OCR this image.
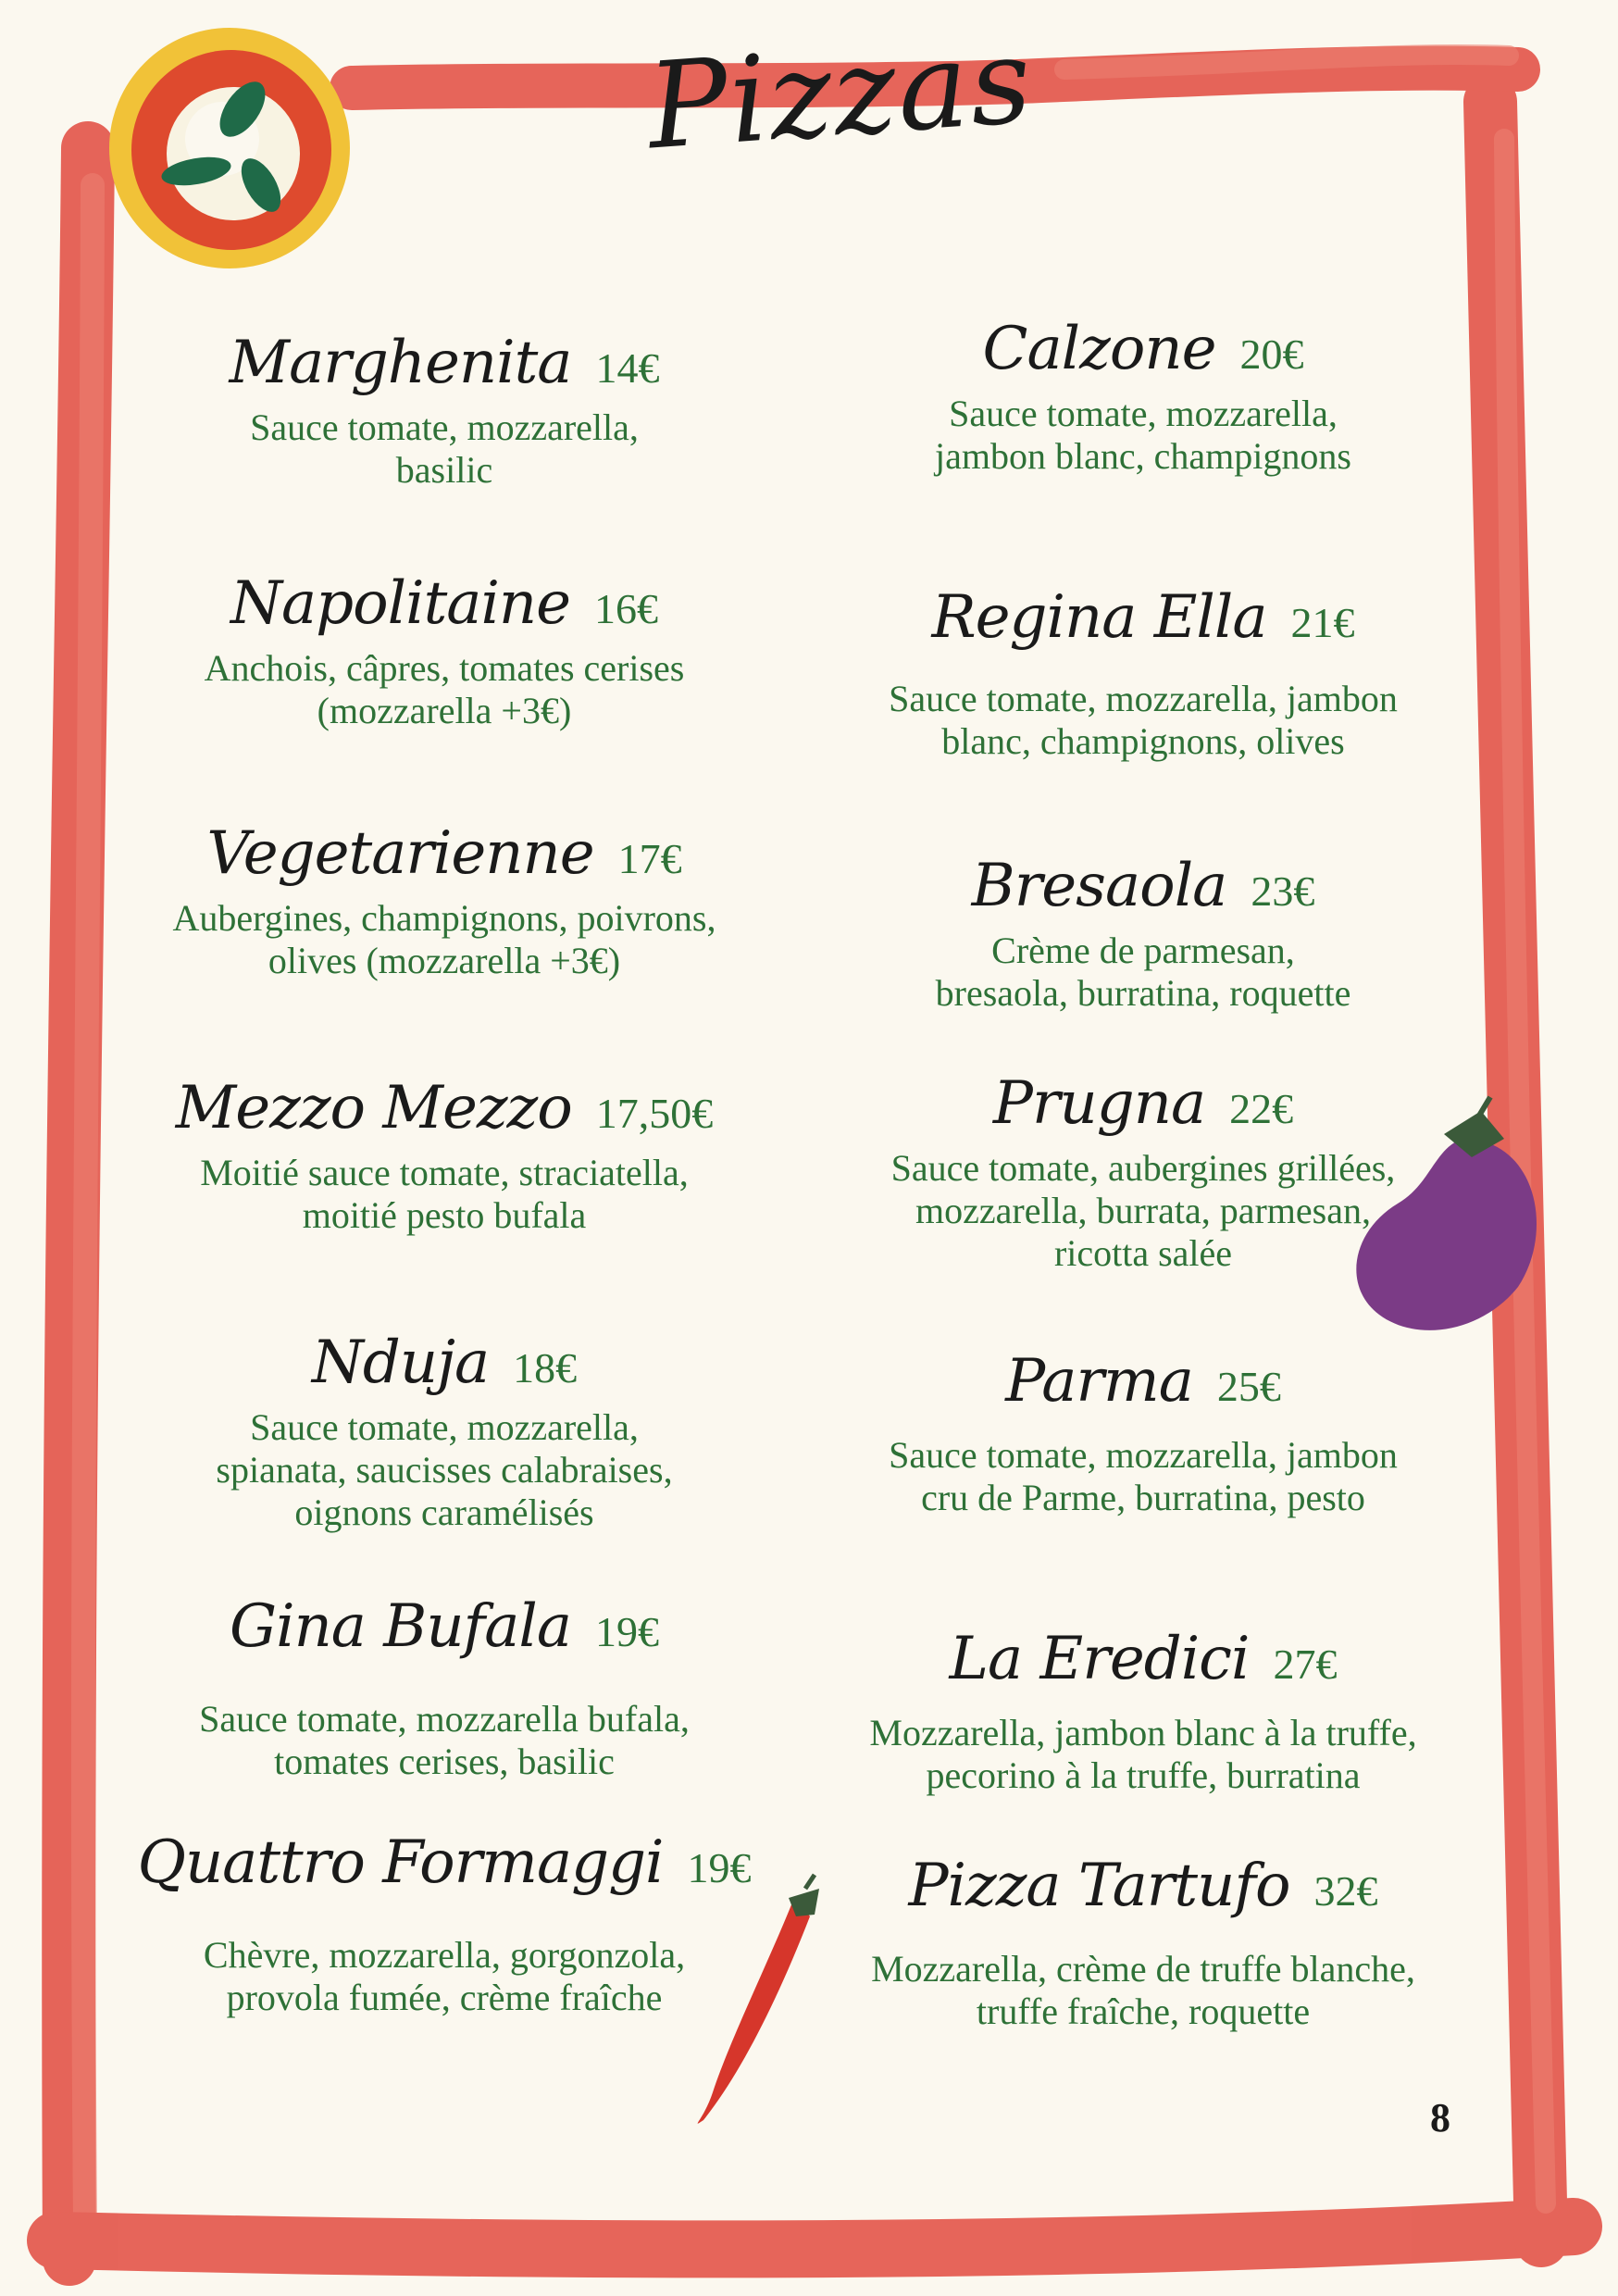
Pizzas
Marghenita 14€
Sauce tomate, mozzarella,
basilic
Napolitaine 16€
Anchois, câpres, tomates cerises
(mozzarella +3€)
Vegetarienne 17€
Aubergines, champignons, poivrons,
olives (mozzarella +3€)
Mezzo Mezzo 17,50€
Moitié sauce tomate, straciatella,
moitié pesto bufala
Nduja 18€
Sauce tomate, mozzarella,
spianata, saucisses calabraises,
oignons caramélisés
Gina Bufala 19€
Sauce tomate, mozzarella bufala,
tomates cerises, basilic
Quattro Formaggi 19€
Chèvre, mozzarella, gorgonzola,
provola fumée, crème fraîche
Calzone 20€
Sauce tomate, mozzarella,
jambon blanc, champignons
Regina Ella 21€
Sauce tomate, mozzarella, jambon
blanc, champignons, olives
Bresaola 23€
Crème de parmesan,
bresaola, burratina, roquette
Prugna 22€
Sauce tomate, aubergines grillées,
mozzarella, burrata, parmesan,
ricotta salée
Parma 25€
Sauce tomate, mozzarella, jambon
cru de Parme, burratina, pesto
La Eredici 27€
Mozzarella, jambon blanc à la truffe,
pecorino à la truffe, burratina
Pizza Tartufo 32€
Mozzarella, crème de truffe blanche,
truffe fraîche, roquette
8
